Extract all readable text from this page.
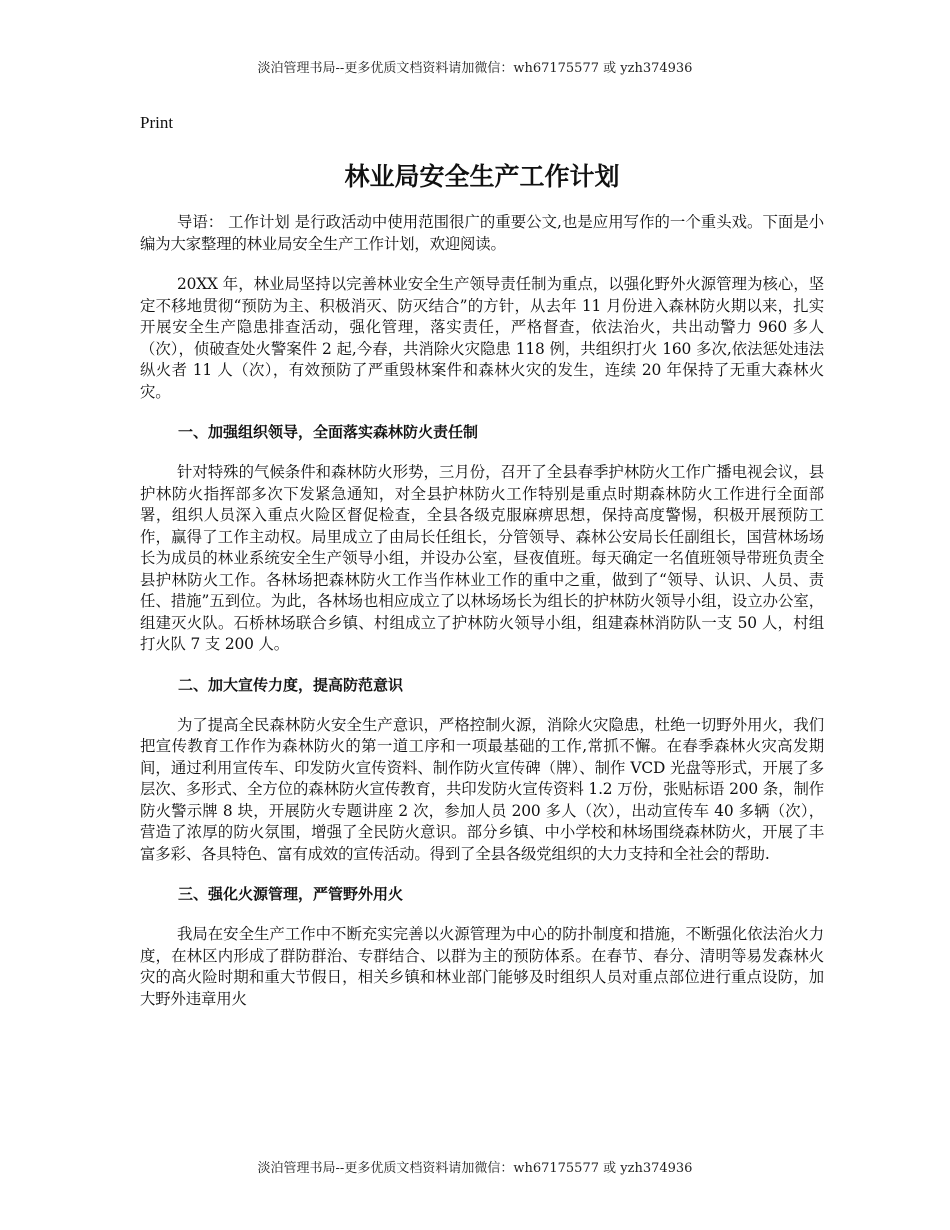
淡泊管理书局--更多优质文档资料请加微信：wh67175577 或 yzh374936

Print

林业局安全生产工作计划

导语： 工作计划 是行政活动中使用范围很广的重要公文,也是应用写作的一个重头戏。下面是小编为大家整理的林业局安全生产工作计划，欢迎阅读。

20XX 年，林业局坚持以完善林业安全生产领导责任制为重点，以强化野外火源管理为核心，坚定不移地贯彻“预防为主、积极消灭、防灭结合”的方针，从去年 11 月份进入森林防火期以来，扎实开展安全生产隐患排查活动，强化管理，落实责任，严格督查，依法治火，共出动警力 960 多人（次），侦破查处火警案件 2 起,今春，共消除火灾隐患 118 例，共组织打火 160 多次,依法惩处违法纵火者 11 人（次），有效预防了严重毁林案件和森林火灾的发生，连续 20 年保持了无重大森林火灾。

一、加强组织领导，全面落实森林防火责任制

针对特殊的气候条件和森林防火形势，三月份，召开了全县春季护林防火工作广播电视会议，县护林防火指挥部多次下发紧急通知，对全县护林防火工作特别是重点时期森林防火工作进行全面部署，组织人员深入重点火险区督促检查，全县各级克服麻痹思想，保持高度警惕，积极开展预防工作，赢得了工作主动权。局里成立了由局长任组长，分管领导、森林公安局长任副组长，国营林场场长为成员的林业系统安全生产领导小组，并设办公室，昼夜值班。每天确定一名值班领导带班负责全县护林防火工作。各林场把森林防火工作当作林业工作的重中之重，做到了“领导、认识、人员、责任、措施”五到位。为此，各林场也相应成立了以林场场长为组长的护林防火领导小组，设立办公室，组建灭火队。石桥林场联合乡镇、村组成立了护林防火领导小组，组建森林消防队一支 50 人，村组打火队 7 支 200 人。

二、加大宣传力度，提高防范意识

为了提高全民森林防火安全生产意识，严格控制火源，消除火灾隐患，杜绝一切野外用火，我们把宣传教育工作作为森林防火的第一道工序和一项最基础的工作,常抓不懈。在春季森林火灾高发期间，通过利用宣传车、印发防火宣传资料、制作防火宣传碑（牌）、制作 VCD 光盘等形式，开展了多层次、多形式、全方位的森林防火宣传教育，共印发防火宣传资料 1.2 万份，张贴标语 200 条，制作防火警示牌 8 块，开展防火专题讲座 2 次，参加人员 200 多人（次），出动宣传车 40 多辆（次），营造了浓厚的防火氛围，增强了全民防火意识。部分乡镇、中小学校和林场围绕森林防火，开展了丰富多彩、各具特色、富有成效的宣传活动。得到了全县各级党组织的大力支持和全社会的帮助.

三、强化火源管理，严管野外用火

我局在安全生产工作中不断充实完善以火源管理为中心的防扑制度和措施，不断强化依法治火力度，在林区内形成了群防群治、专群结合、以群为主的预防体系。在春节、春分、清明等易发森林火灾的高火险时期和重大节假日，相关乡镇和林业部门能够及时组织人员对重点部位进行重点设防，加大野外违章用火

淡泊管理书局--更多优质文档资料请加微信：wh67175577 或 yzh374936
